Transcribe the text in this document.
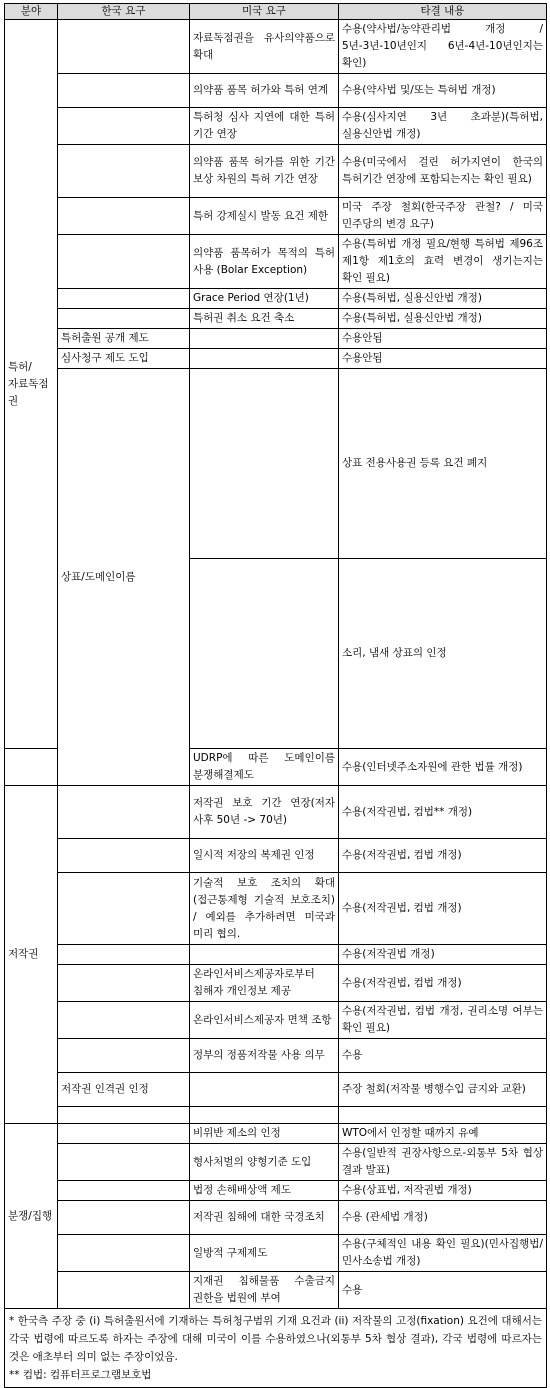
분야	한국 요구	미국 요구	타결 내용	
특허/자료독점권		자료독점권을 유사의약품으로 확대	수용(약사법/농약관리법 개정 / 5년-3년-10년인지 6년-4년-10년인지는 확인)	
		의약품 품목 허가와 특허 연계	수용(약사법 및/또는 특허법 개정)	
		특허청 심사 지연에 대한 특허 기간 연장	수용(심사지연 3년 초과분)(특허법, 실용신안법 개정)	
		의약품 품목 허가를 위한 기간 보상 차원의 특허 기간 연장	수용(미국에서 걸린 허가지연이 한국의 특허기간 연장에 포함되는지는 확인 필요)	
		특허 강제실시 발동 요건 제한	미국 주장 철회(한국주장 관철? / 미국 민주당의 변경 요구)	
		의약품 품목허가 목적의 특허 사용 (Bolar Exception)	수용(특허법 개정 필요/현행 특허법 제96조 제1항 제1호의 효력 변경이 생기는지는 확인 필요)	
		Grace Period 연장(1년)	수용(특허법, 실용신안법 개정)	
		특허권 취소 요건 축소	수용(특허법, 실용신안법 개정)	
	특허출원 공개 제도		수용안됨	
	심사청구 제도 도입		수용안됨	
	상표/도메인이름		상표 전용사용권 등록 요건 폐지	
			소리, 냄새 상표의 인정	
		UDRP에 따른 도메인이름 분쟁해결제도	수용(인터넷주소자원에 관한 법률 개정)	
저작권		저작권 보호 기간 연장(저자 사후 50년 -> 70년)	수용(저작권법, 컴법** 개정)	
		일시적 저장의 복제권 인정	수용(저작권법, 컴법 개정)	
		기술적 보호 조치의 확대(접근통제형 기술적 보호조치) / 예외를 추가하려면 미국과 미리 협의.	수용(저작권법, 컴법 개정)	
			수용(저작권법 개정)	
		온라인서비스제공자로부터 침해자 개인정보 제공	수용(저작권법, 컴법 개정)	
		온라인서비스제공자 면책 조항	수용(저작권법, 컴법 개정, 권리소명 여부는 확인 필요)	
		정부의 정품저작물 사용 의무	수용	
	저작권 인격권 인정		주장 철회(저작물 병행수입 금지와 교환)	

분쟁/집행		비위반 제소의 인정	WTO에서 인정할 때까지 유예	
		형사처벌의 양형기준 도입	수용(일반적 권장사항으로-외통부 5차 협상 결과 발표)	
		법정 손해배상액 제도	수용(상표법, 저작권법 개정)	
		저작권 침해에 대한 국경조치	수용 (관세법 개정)	
		일방적 구제제도	수용(구체적인 내용 확인 필요)(민사집행법/민사소송법 개정)	
		지재권 침해물품 수출금지 권한을 법원에 부여	수용	

* 한국측 주장 중 (i) 특허출원서에 기재하는 특허청구범위 기재 요건과 (ii) 저작물의 고정(fixation) 요건에 대해서는 각국 법령에 따르도록 하자는 주장에 대해 미국이 이를 수용하였으나(외통부 5차 협상 결과), 각국 법령에 따르자는 것은 애초부터 의미 없는 주장이었음.

** 컴법: 컴퓨터프로그램보호법				
